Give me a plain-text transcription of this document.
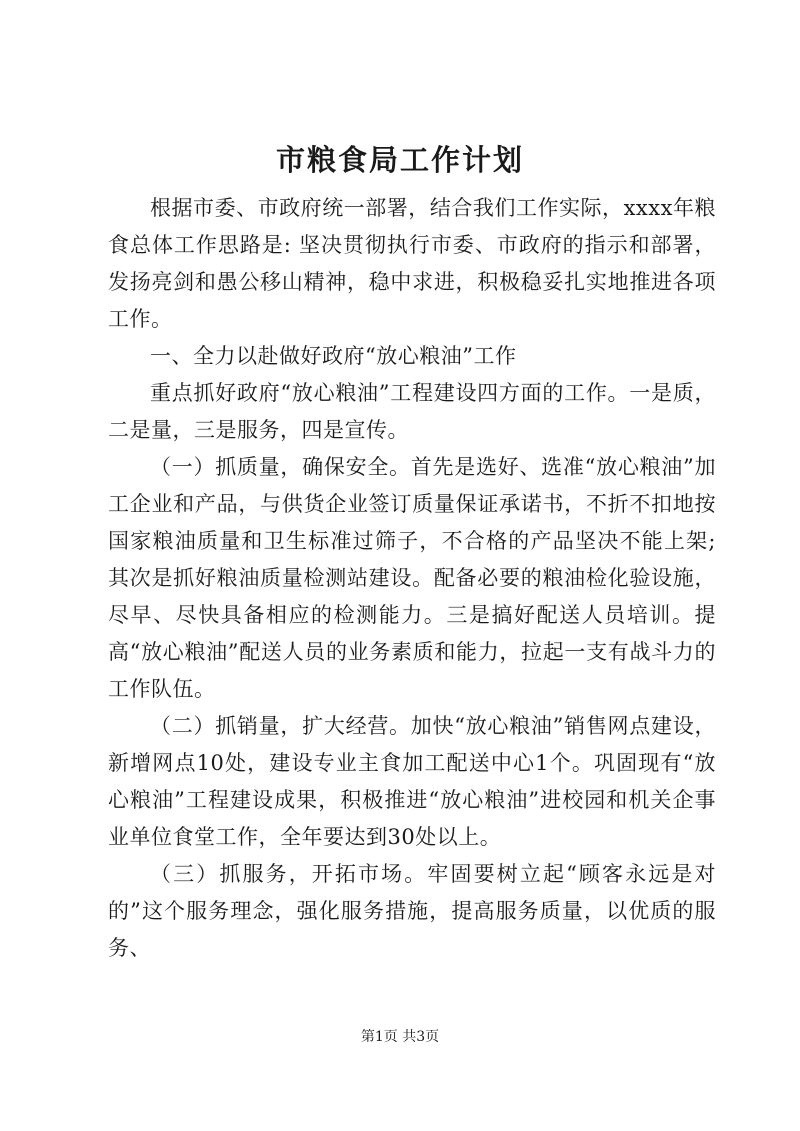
市粮食局工作计划

根据市委、市政府统一部署，结合我们工作实际，xxxx年粮食总体工作思路是: 坚决贯彻执行市委、市政府的指示和部署，发扬亮剑和愚公移山精神，稳中求进，积极稳妥扎实地推进各项工作。

一、全力以赴做好政府“放心粮油”工作

重点抓好政府“放心粮油”工程建设四方面的工作。一是质，二是量，三是服务，四是宣传。

（一）抓质量，确保安全。首先是选好、选准“放心粮油”加工企业和产品，与供货企业签订质量保证承诺书，不折不扣地按国家粮油质量和卫生标准过筛子，不合格的产品坚决不能上架;其次是抓好粮油质量检测站建设。配备必要的粮油检化验设施，尽早、尽快具备相应的检测能力。三是搞好配送人员培训。提高“放心粮油”配送人员的业务素质和能力，拉起一支有战斗力的工作队伍。

（二）抓销量，扩大经营。加快“放心粮油”销售网点建设，新增网点10处，建设专业主食加工配送中心1个。巩固现有“放心粮油”工程建设成果，积极推进“放心粮油”进校园和机关企事业单位食堂工作，全年要达到30处以上。

（三）抓服务，开拓市场。牢固要树立起“顾客永远是对的”这个服务理念，强化服务措施，提高服务质量，以优质的服务、

第1页 共3页
